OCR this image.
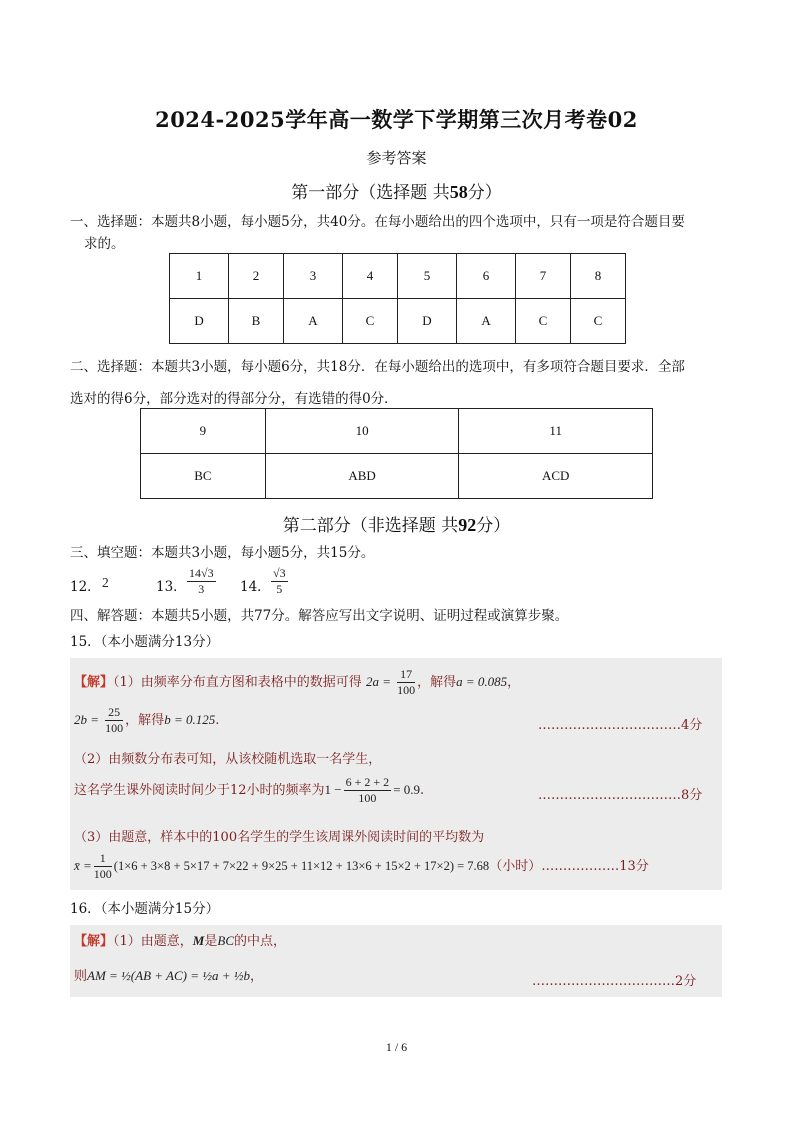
2024-2025学年高一数学下学期第三次月考卷02
参考答案
第一部分（选择题 共58分）
一、选择题：本题共8小题，每小题5分，共40分。在每小题给出的四个选项中，只有一项是符合题目要
求的。
1	2	3	4	5	6	7	8
D	B	A	C	D	A	C	C
二、选择题：本题共3小题，每小题6分，共18分．在每小题给出的选项中，有多项符合题目要求．全部
选对的得6分，部分选对的得部分分，有选错的得0分．
9	10	11
BC	ABD	ACD
第二部分（非选择题 共92分）
三、填空题：本题共3小题，每小题5分，共15分。
12． 2	13． $\frac{14√3}{3} 14$． $\frac{√3}{5}$
四、解答题：本题共5小题，共77分。解答应写出文字说明、证明过程或演算步聚。
15．（本小题满分13分）
【解】（1）由频率分布直方图和表格中的数据可得 $2a = \frac{17}{100}$ ，解得a = 0.085，
$2b = \frac{25}{100}$ ，解得b = 0.125.	……………………………4分
（2）由频数分布表可知，从该校随机选取一名学生，
这名学生课外阅读时间少于12小时的频率为$1 - \frac{6 + 2 + 2}{100} = 0.9$.	……………………………8分
（3）由题意，样本中的100名学生的学生该周课外阅读时间的平均数为
x̄ = $\frac{1}{100} (1\times 6 + 3\times 8 + 5\times 17 + 7\times 22 + 9\times 25 + 11\times 12 + 13\times 6 + 15\times 2 + 17\times 2) = 7.68$（小时）………………13分
16．（本小题满分15分）
【解】（1）由题意，M是BC的中点，
则AM = ½(AB + AC) = ½a + ½b，	……………………………2分
1 / 6
